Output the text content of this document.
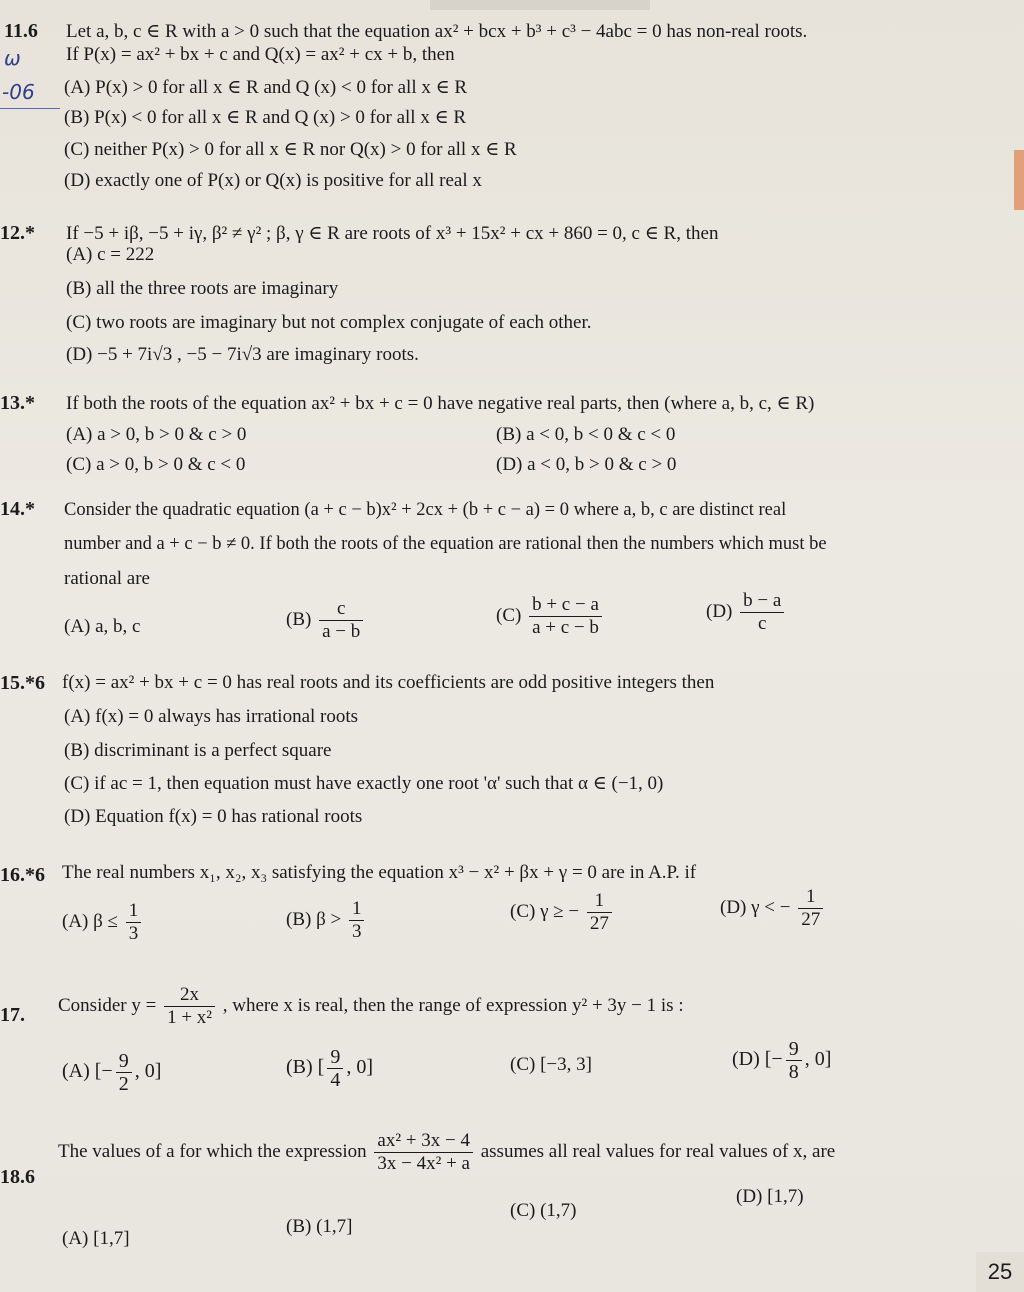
11.6 Let a, b, c ∈ R with a > 0 such that the equation ax² + bcx + b³ + c³ − 4abc = 0 has non-real roots.
If P(x) = ax² + bx + c and Q(x) = ax² + cx + b, then
ω
-06 (A) P(x) > 0 for all x ∈ R and Q (x) < 0 for all x ∈ R
(B) P(x) < 0 for all x ∈ R and Q (x) > 0 for all x ∈ R
(C) neither P(x) > 0 for all x ∈ R nor Q(x) > 0 for all x ∈ R
(D) exactly one of P(x) or Q(x) is positive for all real x
12.* If −5 + iβ, −5 + iγ, β² ≠ γ² ; β, γ ∈ R are roots of x³ + 15x² + cx + 860 = 0, c ∈ R, then
(A) c = 222
(B) all the three roots are imaginary
(C) two roots are imaginary but not complex conjugate of each other.
(D) −5 + 7i√3 , −5 − 7i√3 are imaginary roots.
13.* If both the roots of the equation ax² + bx + c = 0 have negative real parts, then (where a, b, c, ∈ R)
(A) a > 0, b > 0 & c > 0	(B) a < 0, b < 0 & c < 0
(C) a > 0, b > 0 & c < 0	(D) a < 0, b > 0 & c > 0
14.* Consider the quadratic equation (a + c − b)x² + 2cx + (b + c − a) = 0 where a, b, c are distinct real
number and a + c − b ≠ 0. If both the roots of the equation are rational then the numbers which must be
rational are
(A) a, b, c	$(B) \frac{c}{a - b}$	$(C) \frac{b + c - a}{a + c - b}$	$(D) \frac{b - a}{c}$
15.*6 f(x) = ax² + bx + c = 0 has real roots and its coefficients are odd positive integers then
(A) f(x) = 0 always has irrational roots
(B) discriminant is a perfect square
(C) if ac = 1, then equation must have exactly one root 'α' such that α ∈ (−1, 0)
(D) Equation f(x) = 0 has rational roots
16.*6 The real numbers x₁, x₂, x₃ satisfying the equation x³ − x² + βx + γ = 0 are in A.P. if
(A) $\beta \le \frac{1}{3}$	(B) $\beta > \frac{1}{3}$	(C) γ ≥ − $\frac{1}{27}$	(D) γ < − $\frac{1}{27}$
17. Consider $y = \frac{2x}{\text{1 + x²}}$ , where x is real, then the range of expression y² + 3y − 1 is :
(A) [− $\frac{9}{2}$ , 0]	(B) [ $\frac{9}{4}$ , 0]	(C) [−3, 3]	(D) [− $\frac{9}{8}$ , 0]
18.6
The values of a for which the expression $\frac{\text{ax² + 3x − 4}}{\text{3x − 4x² + a}}$ assumes all real values for real values of x, are
(A) [1,7]
(B) (1,7]
(C) (1,7)
(D) [1,7)
25
